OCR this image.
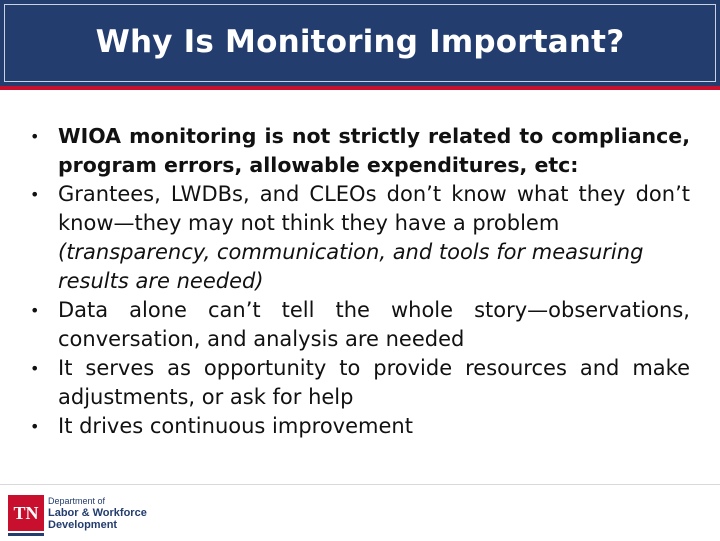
Why Is Monitoring Important?
• WIOA monitoring is not strictly related to compliance, program errors, allowable expenditures, etc:
• Grantees, LWDBs, and CLEOs don’t know what they don’t know—they may not think they have a problem
(transparency, communication, and tools for measuring results are needed)
• Data alone can’t tell the whole story—observations, conversation, and analysis are needed
• It serves as opportunity to provide resources and make adjustments, or ask for help
• It drives continuous improvement
TN
Department of
Labor & Workforce
Development
